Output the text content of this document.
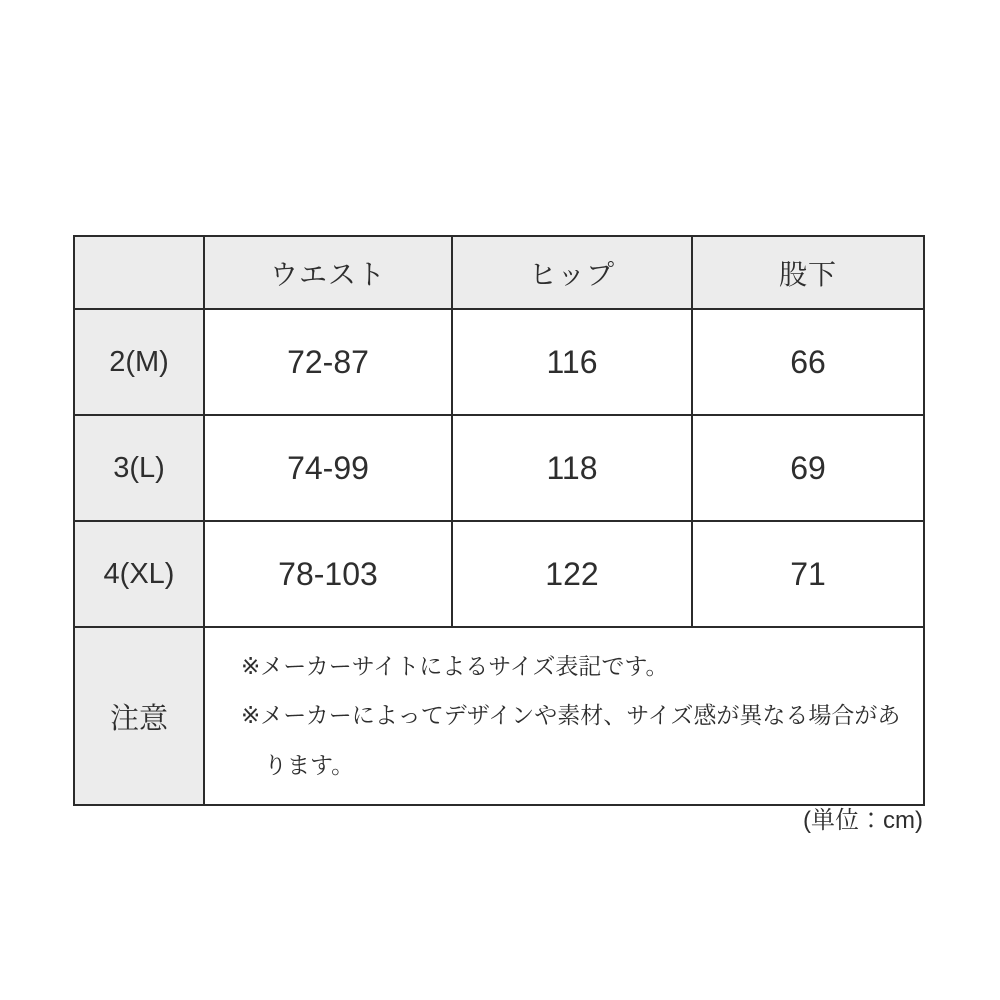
	ウエスト	ヒップ	股下
2(M)	72-87	116	66
3(L)	74-99	118	69
4(XL)	78-103	122	71
注意	※メーカーサイトによるサイズ表記です。
※メーカーによってデザインや素材、サイズ感が異なる場合があります。		
(単位：cm)
